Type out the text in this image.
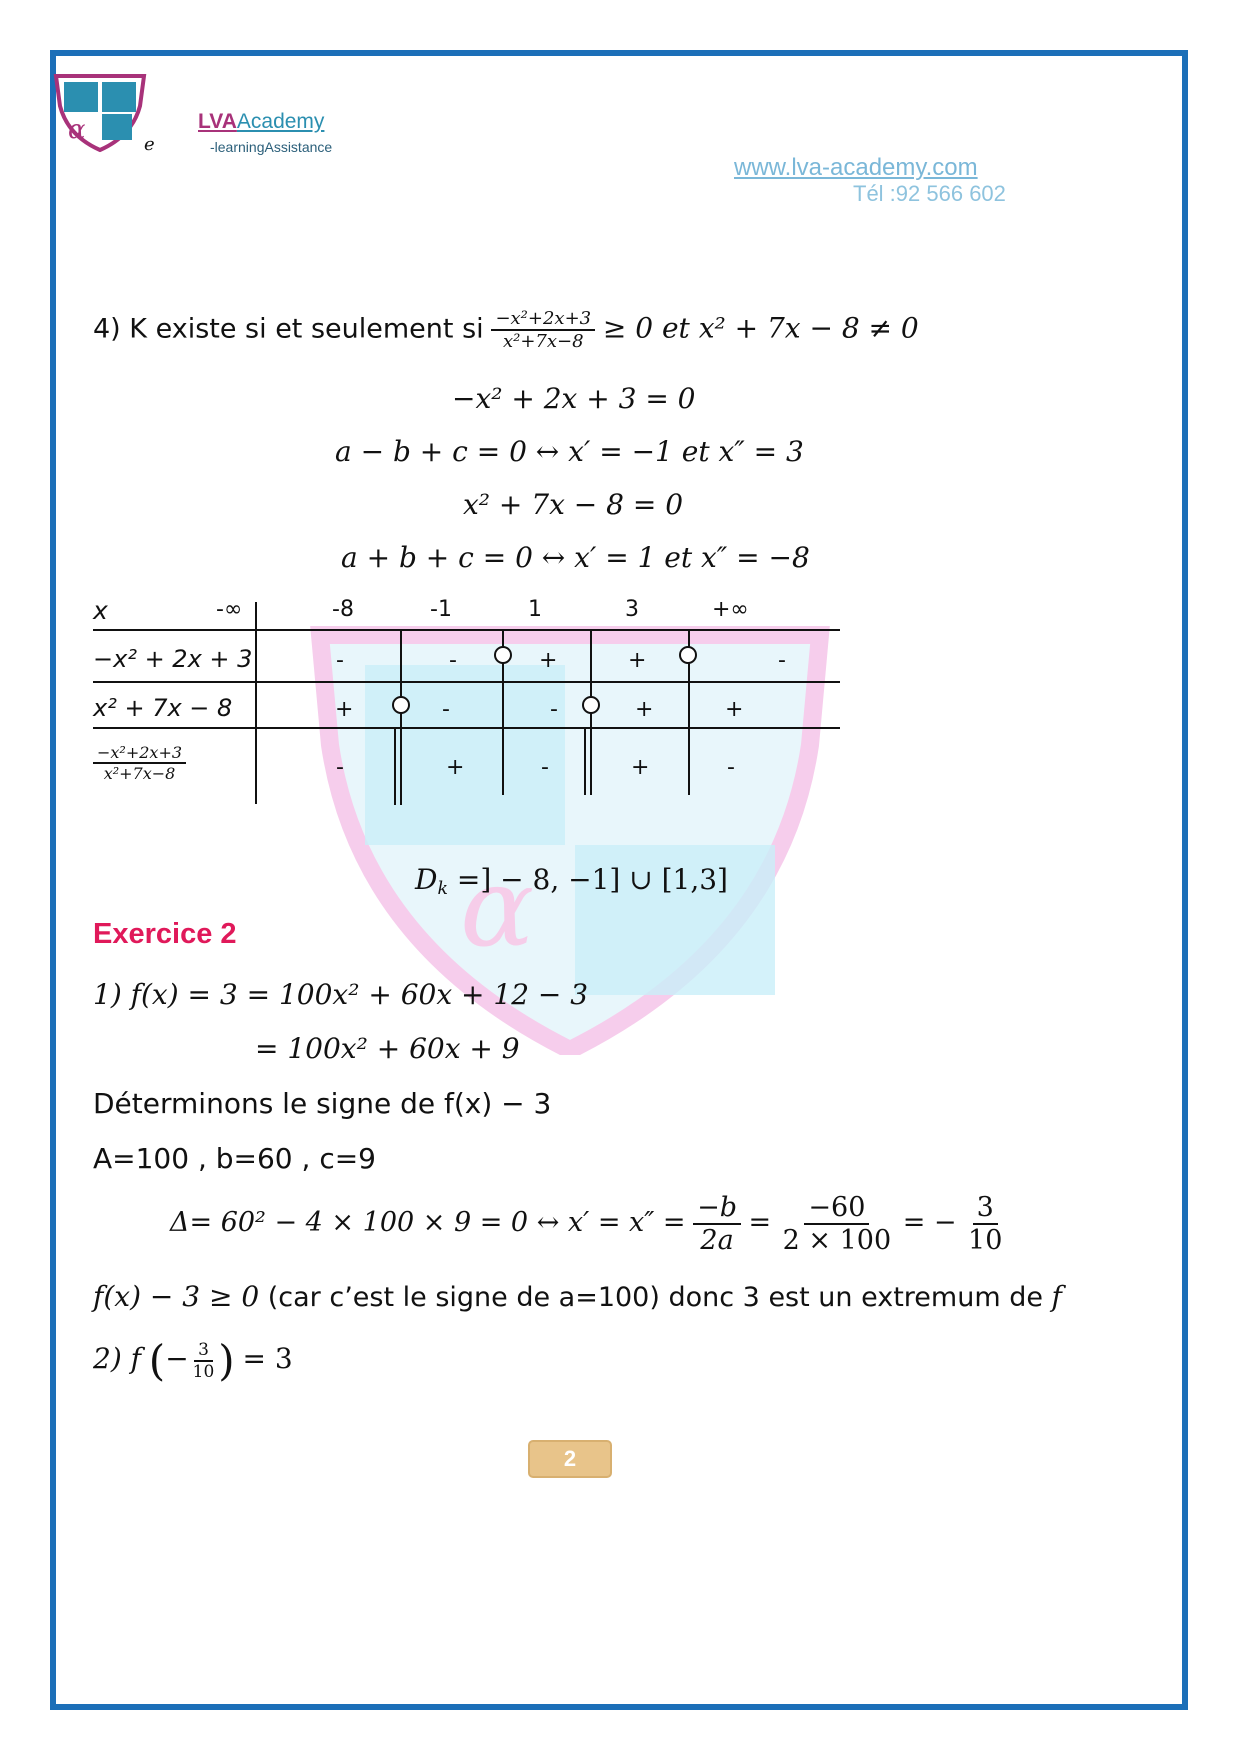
α
α	e
LVAAcademy
-learningAssistance
www.lva-academy.com
Tél :92 566 602
4) K existe si et seulement si $\frac{\text{−x²+2x+3}}{\text{x²+7x−8}} \ge 0$ et x² + 7x − 8 ≠ 0
−x² + 2x + 3 = 0
a − b + c = 0 ↔ x′ = −1 et x″ = 3
x² + 7x − 8 = 0
a + b + c = 0 ↔ x′ = 1 et x″ = −8
x	-∞	-8	-1	1	3	+∞
−x² + 2x + 3	-	-	+	+	-
x² + 7x − 8	+	-	-	+	+
$\frac{\text{−x²+2x+3}}{\text{x²+7x−8}}$	-	+	-	+	-
$D_k$ =] − 8, −1] ∪ [1,3]
Exercice 2
1) f(x) = 3 = 100x² + 60x + 12 − 3
= 100x² + 60x + 9
Déterminons le signe de f(x) − 3
A=100 , b=60 , c=9
Δ= 60² − 4 × 100 × 9 = 0 ↔ $x' = x'' = \frac{-b}{2a} = \frac{-60}{2 \times 100}$ = − $\frac{3}{10}$
f(x) − 3 ≥ 0 (car c’est le signe de a=100) donc 3 est un extremum de f
2) f (− $\frac{3}{10}$ ) = 3
2
